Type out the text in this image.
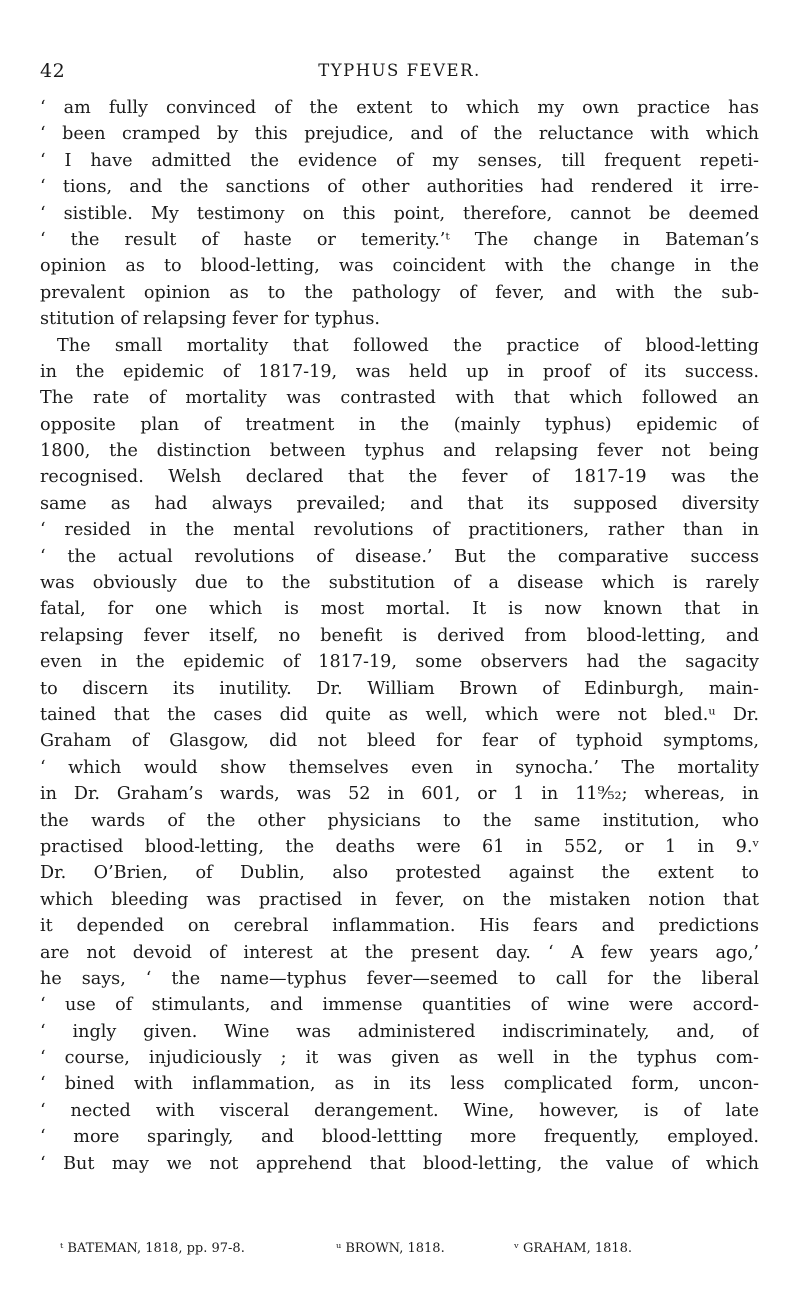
42	TYPHUS FEVER.
‘ am fully convinced of the extent to which my own practice has
‘ been cramped by this prejudice, and of the reluctance with which
‘ I have admitted the evidence of my senses, till frequent repeti-
‘ tions, and the sanctions of other authorities had rendered it irre-
‘ sistible. My testimony on this point, therefore, cannot be deemed
‘ the result of haste or temerity.’ᵗ The change in Bateman’s
opinion as to blood-letting, was coincident with the change in the
prevalent opinion as to the pathology of fever, and with the sub-
stitution of relapsing fever for typhus.
The small mortality that followed the practice of blood-letting
in the epidemic of 1817-19, was held up in proof of its success.
The rate of mortality was contrasted with that which followed an
opposite plan of treatment in the (mainly typhus) epidemic of
1800, the distinction between typhus and relapsing fever not being
recognised. Welsh declared that the fever of 1817-19 was the
same as had always prevailed; and that its supposed diversity
‘ resided in the mental revolutions of practitioners, rather than in
‘ the actual revolutions of disease.’ But the comparative success
was obviously due to the substitution of a disease which is rarely
fatal, for one which is most mortal. It is now known that in
relapsing fever itself, no benefit is derived from blood-letting, and
even in the epidemic of 1817-19, some observers had the sagacity
to discern its inutility. Dr. William Brown of Edinburgh, main-
tained that the cases did quite as well, which were not bled.ᵘ Dr.
Graham of Glasgow, did not bleed for fear of typhoid symptoms,
‘ which would show themselves even in synocha.’ The mortality
in Dr. Graham’s wards, was 52 in 601, or 1 in 11⁹⁄₅₂; whereas, in
the wards of the other physicians to the same institution, who
practised blood-letting, the deaths were 61 in 552, or 1 in 9.ᵛ
Dr. O’Brien, of Dublin, also protested against the extent to
which bleeding was practised in fever, on the mistaken notion that
it depended on cerebral inflammation. His fears and predictions
are not devoid of interest at the present day. ‘ A few years ago,’
he says, ‘ the name—typhus fever—seemed to call for the liberal
‘ use of stimulants, and immense quantities of wine were accord-
‘ ingly given. Wine was administered indiscriminately, and, of
‘ course, injudiciously ; it was given as well in the typhus com-
‘ bined with inflammation, as in its less complicated form, uncon-
‘ nected with visceral derangement. Wine, however, is of late
‘ more sparingly, and blood-lettting more frequently, employed.
‘ But may we not apprehend that blood-letting, the value of which
ᵗ BATEMAN, 1818, pp. 97-8.	ᵘ BROWN, 1818.	ᵛ GRAHAM, 1818.
